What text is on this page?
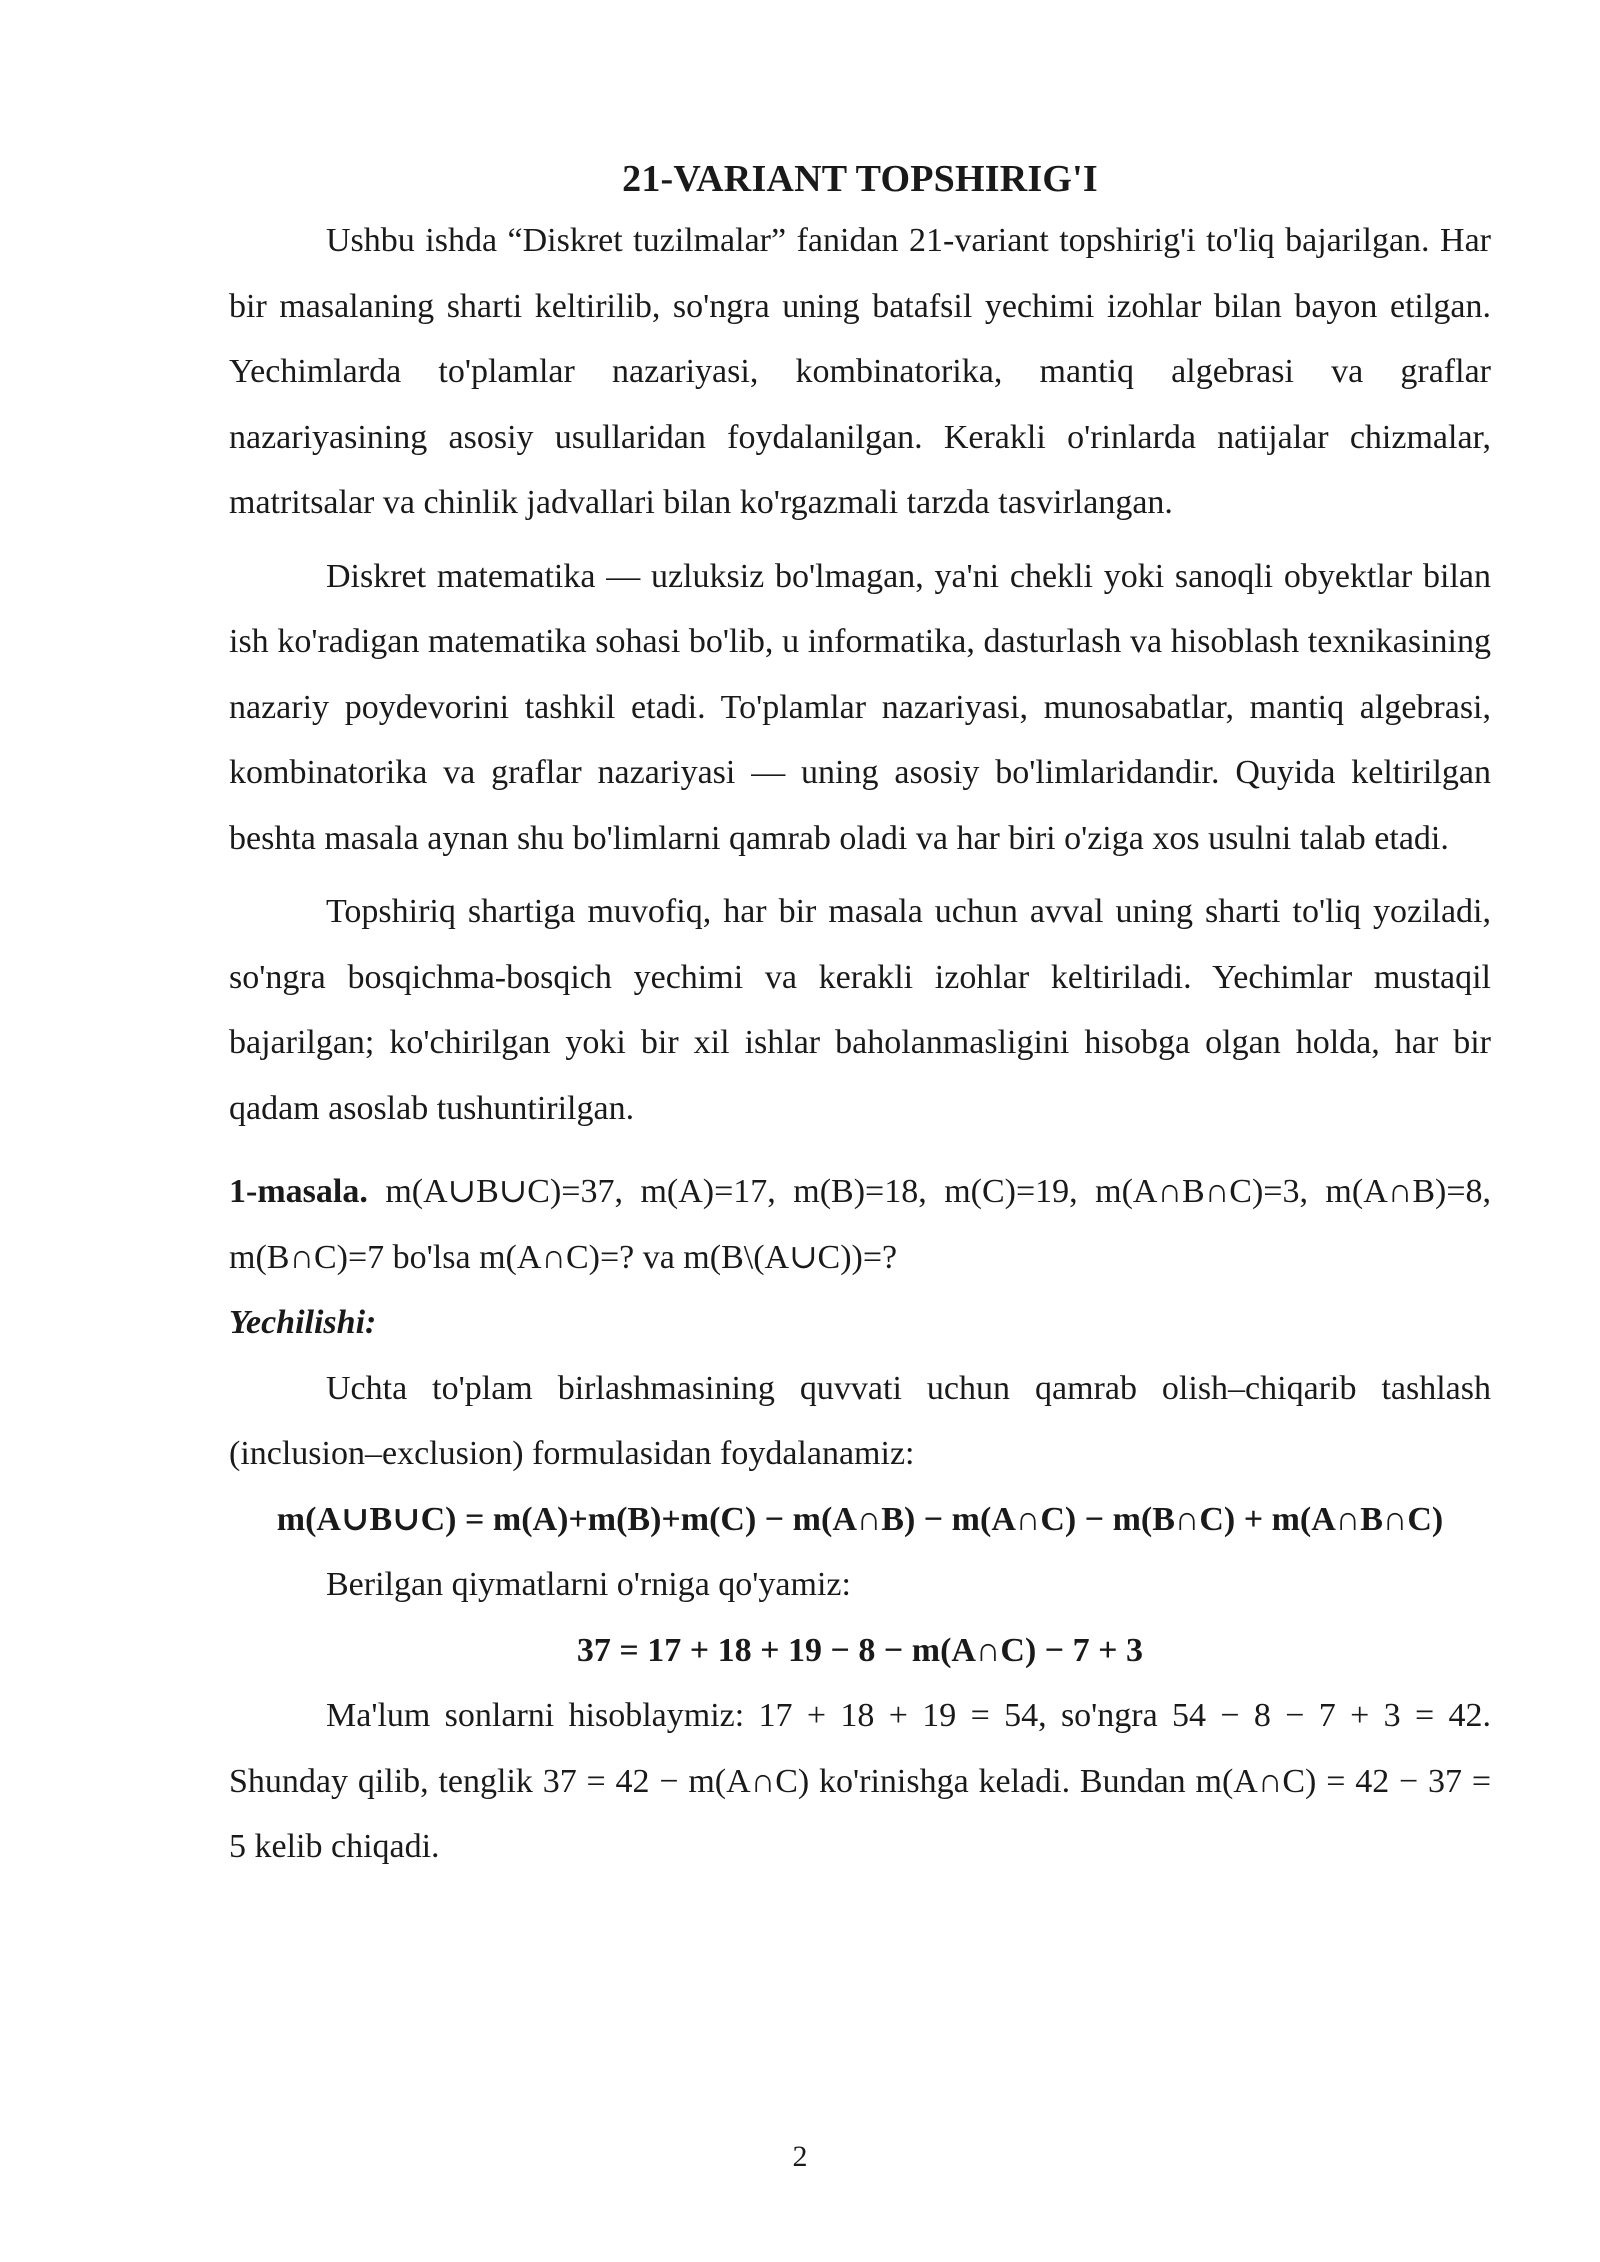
21-VARIANT TOPSHIRIG'I

Ushbu ishda “Diskret tuzilmalar” fanidan 21-variant topshirig'i to'liq bajarilgan. Har bir masalaning sharti keltirilib, so'ngra uning batafsil yechimi izohlar bilan bayon etilgan. Yechimlarda to'plamlar nazariyasi, kombinatorika, mantiq algebrasi va graflar nazariyasining asosiy usullaridan foydalanilgan. Kerakli o'rinlarda natijalar chizmalar, matritsalar va chinlik jadvallari bilan ko'rgazmali tarzda tasvirlangan.

Diskret matematika — uzluksiz bo'lmagan, ya'ni chekli yoki sanoqli obyektlar bilan ish ko'radigan matematika sohasi bo'lib, u informatika, dasturlash va hisoblash texnikasining nazariy poydevorini tashkil etadi. To'plamlar nazariyasi, munosabatlar, mantiq algebrasi, kombinatorika va graflar nazariyasi — uning asosiy bo'limlaridandir. Quyida keltirilgan beshta masala aynan shu bo'limlarni qamrab oladi va har biri o'ziga xos usulni talab etadi.

Topshiriq shartiga muvofiq, har bir masala uchun avval uning sharti to'liq yoziladi, so'ngra bosqichma-bosqich yechimi va kerakli izohlar keltiriladi. Yechimlar mustaqil bajarilgan; ko'chirilgan yoki bir xil ishlar baholanmasligini hisobga olgan holda, har bir qadam asoslab tushuntirilgan.

1-masala. m(A∪B∪C)=37, m(A)=17, m(B)=18, m(C)=19, m(A∩B∩C)=3, m(A∩B)=8, m(B∩C)=7 bo'lsa m(A∩C)=? va m(B\(A∪C))=?

Yechilishi:

Uchta to'plam birlashmasining quvvati uchun qamrab olish–chiqarib tashlash (inclusion–exclusion) formulasidan foydalanamiz:

m(A∪B∪C) = m(A)+m(B)+m(C) − m(A∩B) − m(A∩C) − m(B∩C) + m(A∩B∩C)

Berilgan qiymatlarni o'rniga qo'yamiz:

37 = 17 + 18 + 19 − 8 − m(A∩C) − 7 + 3

Ma'lum sonlarni hisoblaymiz: 17 + 18 + 19 = 54, so'ngra 54 − 8 − 7 + 3 = 42. Shunday qilib, tenglik 37 = 42 − m(A∩C) ko'rinishga keladi. Bundan m(A∩C) = 42 − 37 = 5 kelib chiqadi.

2
